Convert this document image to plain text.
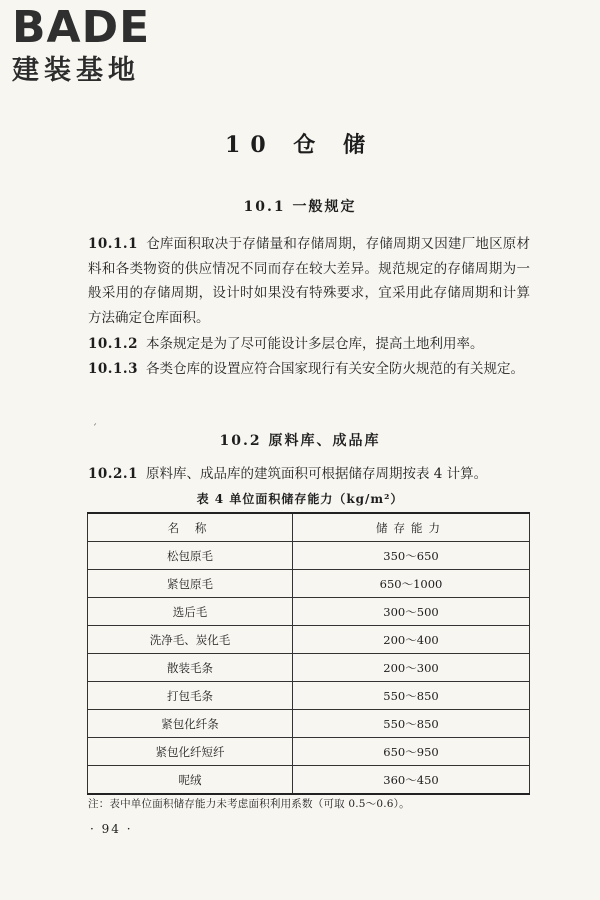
BADE
建装基地
10 仓 储
10.1 一般规定
10.1.1 仓库面积取决于存储量和存储周期，存储周期又因建厂地区原材料和各类物资的供应情况不同而存在较大差异。规范规定的存储周期为一般采用的存储周期，设计时如果没有特殊要求，宜采用此存储周期和计算方法确定仓库面积。
10.1.2 本条规定是为了尽可能设计多层仓库，提高土地利用率。
10.1.3 各类仓库的设置应符合国家现行有关安全防火规范的有关规定。
ˊ
10.2 原料库、成品库
10.2.1 原料库、成品库的建筑面积可根据储存周期按表 4 计算。
表 4 单位面积储存能力（kg/m²）
名 称	储存能力
松包原毛	350～650
紧包原毛	650～1000
选后毛	300～500
洗净毛、炭化毛	200～400
散装毛条	200～300
打包毛条	550～850
紧包化纤条	550～850
紧包化纤短纤	650～950
呢绒	360～450
注：表中单位面积储存能力未考虑面积利用系数（可取 0.5～0.6）。
· 94 ·
